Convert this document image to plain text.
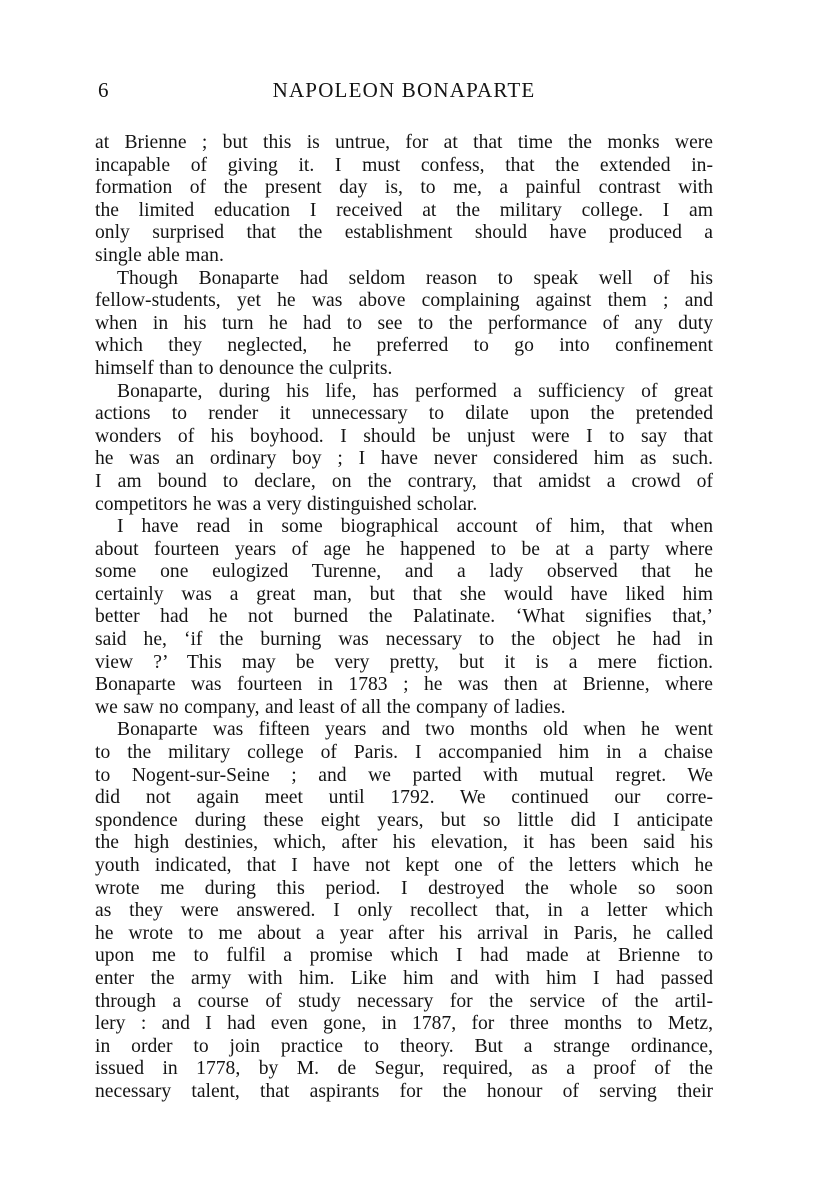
6	NAPOLEON BONAPARTE
at Brienne ; but this is untrue, for at that time the monks were
incapable of giving it. I must confess, that the extended in-
formation of the present day is, to me, a painful contrast with
the limited education I received at the military college. I am
only surprised that the establishment should have produced a
single able man.
Though Bonaparte had seldom reason to speak well of his
fellow-students, yet he was above complaining against them ; and
when in his turn he had to see to the performance of any duty
which they neglected, he preferred to go into confinement
himself than to denounce the culprits.
Bonaparte, during his life, has performed a sufficiency of great
actions to render it unnecessary to dilate upon the pretended
wonders of his boyhood. I should be unjust were I to say that
he was an ordinary boy ; I have never considered him as such.
I am bound to declare, on the contrary, that amidst a crowd of
competitors he was a very distinguished scholar.
I have read in some biographical account of him, that when
about fourteen years of age he happened to be at a party where
some one eulogized Turenne, and a lady observed that he
certainly was a great man, but that she would have liked him
better had he not burned the Palatinate. ‘What signifies that,’
said he, ‘if the burning was necessary to the object he had in
view ?’ This may be very pretty, but it is a mere fiction.
Bonaparte was fourteen in 1783 ; he was then at Brienne, where
we saw no company, and least of all the company of ladies.
Bonaparte was fifteen years and two months old when he went
to the military college of Paris. I accompanied him in a chaise
to Nogent-sur-Seine ; and we parted with mutual regret. We
did not again meet until 1792. We continued our corre-
spondence during these eight years, but so little did I anticipate
the high destinies, which, after his elevation, it has been said his
youth indicated, that I have not kept one of the letters which he
wrote me during this period. I destroyed the whole so soon
as they were answered. I only recollect that, in a letter which
he wrote to me about a year after his arrival in Paris, he called
upon me to fulfil a promise which I had made at Brienne to
enter the army with him. Like him and with him I had passed
through a course of study necessary for the service of the artil-
lery : and I had even gone, in 1787, for three months to Metz,
in order to join practice to theory. But a strange ordinance,
issued in 1778, by M. de Segur, required, as a proof of the
necessary talent, that aspirants for the honour of serving their
